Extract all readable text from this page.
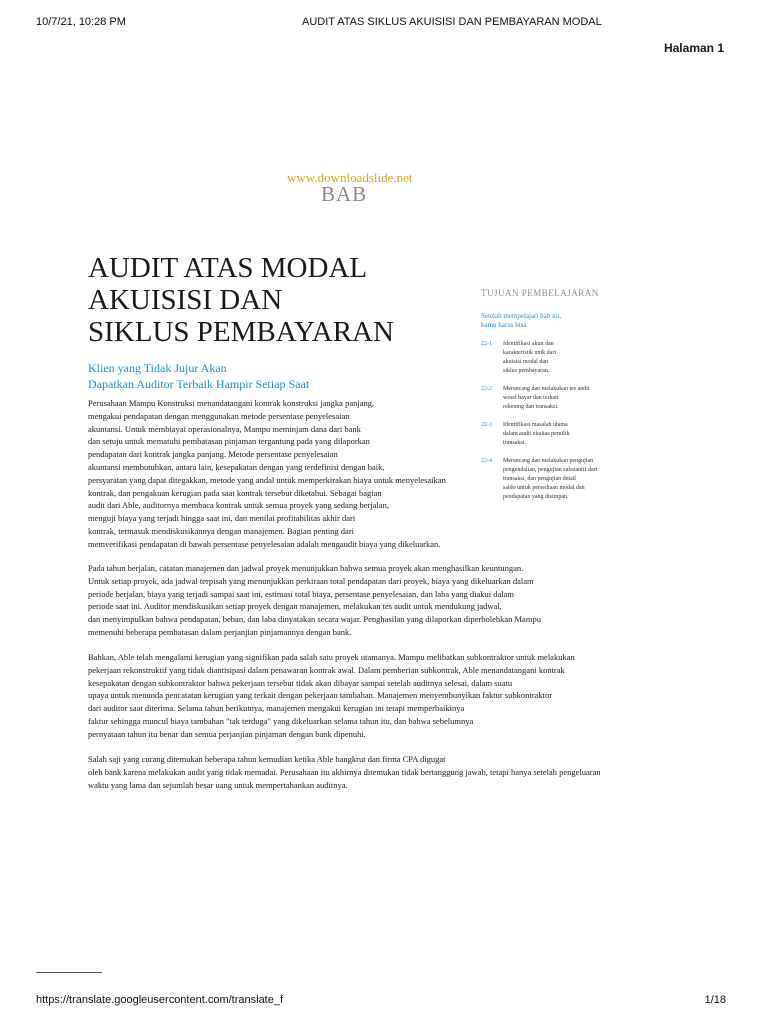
10/7/21, 10:28 PM	AUDIT ATAS SIKLUS AKUISISI DAN PEMBAYARAN MODAL
Halaman 1
www.downloadslide.net
BAB
AUDIT ATAS MODAL
AKUISISI DAN
SIKLUS PEMBAYARAN
Klien yang Tidak Jujur Akan
Dapatkan Auditor Terbaik Hampir Setiap Saat
TUJUAN PEMBELAJARAN
Setelah mempelajari bab ini,
kamu harus bisa
22-1	Identifikasi akun dan
karakteristik unik dari
akuisisi modal dan
siklus pembayaran.
22-2	Merancang dan melakukan tes audit
wesel bayar dan terkait
rekening dan transaksi.
22-3	Identifikasi masalah utama
dalam audit ekuitas pemilik
transaksi.
22-4	Merancang dan melakukan pengujian
pengendalian, pengujian substantif dari
transaksi, dan pengujian detail
saldo untuk persediaan modal dan
pendapatan yang disimpan.
Perusahaan Mampu Konstruksi menandatangani kontrak konstruksi jangka panjang,
mengakui pendapatan dengan menggunakan metode persentase penyelesaian
akuntansi. Untuk membiayai operasionalnya, Mampu meminjam dana dari bank
dan setuju untuk mematuhi pembatasan pinjaman tergantung pada yang dilaporkan
pendapatan dari kontrak jangka panjang. Metode persentase penyelesaian
akuntansi membutuhkan, antara lain, kesepakatan dengan yang terdefinisi dengan baik,
persyaratan yang dapat ditegakkan, metode yang andal untuk memperkirakan biaya untuk menyelesaikan
kontrak, dan pengakuan kerugian pada saat kontrak tersebut diketahui. Sebagai bagian
audit dari Able, auditornya membaca kontrak untuk semua proyek yang sedang berjalan,
menguji biaya yang terjadi hingga saat ini, dan menilai profitabilitas akhir dari
kontrak, termasuk mendiskusikannya dengan manajemen. Bagian penting dari
memverifikasi pendapatan di bawah persentase penyelesaian adalah mengaudit biaya yang dikeluarkan.
Pada tahun berjalan, catatan manajemen dan jadwal proyek menunjukkan bahwa semua proyek akan menghasilkan keuntungan.
Untuk setiap proyek, ada jadwal terpisah yang menunjukkan perkiraan total pendapatan dari proyek, biaya yang dikeluarkan dalam
periode berjalan, biaya yang terjadi sampai saat ini, estimasi total biaya, persentase penyelesaian, dan laba yang diakui dalam
periode saat ini. Auditor mendiskusikan setiap proyek dengan manajemen, melakukan tes audit untuk mendukung jadwal,
dan menyimpulkan bahwa pendapatan, beban, dan laba dinyatakan secara wajar. Penghasilan yang dilaporkan diperbolehkan Mampu
memenuhi beberapa pembatasan dalam perjanjian pinjamannya dengan bank.
Bahkan, Able telah mengalami kerugian yang signifikan pada salah satu proyek utamanya. Mampu melibatkan subkontraktor untuk melakukan
pekerjaan rekonstruktif yang tidak diantisipasi dalam penawaran kontrak awal. Dalam pemberian subkontrak, Able menandatangani kontrak
kesepakatan dengan subkontraktor bahwa pekerjaan tersebut tidak akan dibayar sampai setelah auditnya selesai, dalam suatu
upaya untuk menunda pencatatan kerugian yang terkait dengan pekerjaan tambahan. Manajemen menyembunyikan faktur subkontraktor
dari auditor saat diterima. Selama tahun berikutnya, manajemen mengakui kerugian ini tetapi memperbaikinya
faktur sehingga muncul biaya tambahan "tak terduga" yang dikeluarkan selama tahun itu, dan bahwa sebelumnya
pernyataan tahun itu benar dan semua perjanjian pinjaman dengan bank dipenuhi.
Salah saji yang curang ditemukan beberapa tahun kemudian ketika Able bangkrut dan firma CPA digugat
oleh bank karena melakukan audit yang tidak memadai. Perusahaan itu akhirnya ditemukan tidak bertanggung jawab, tetapi hanya setelah pengeluaran
waktu yang lama dan sejumlah besar uang untuk mempertahankan auditnya.
https://translate.googleusercontent.com/translate_f	1/18
